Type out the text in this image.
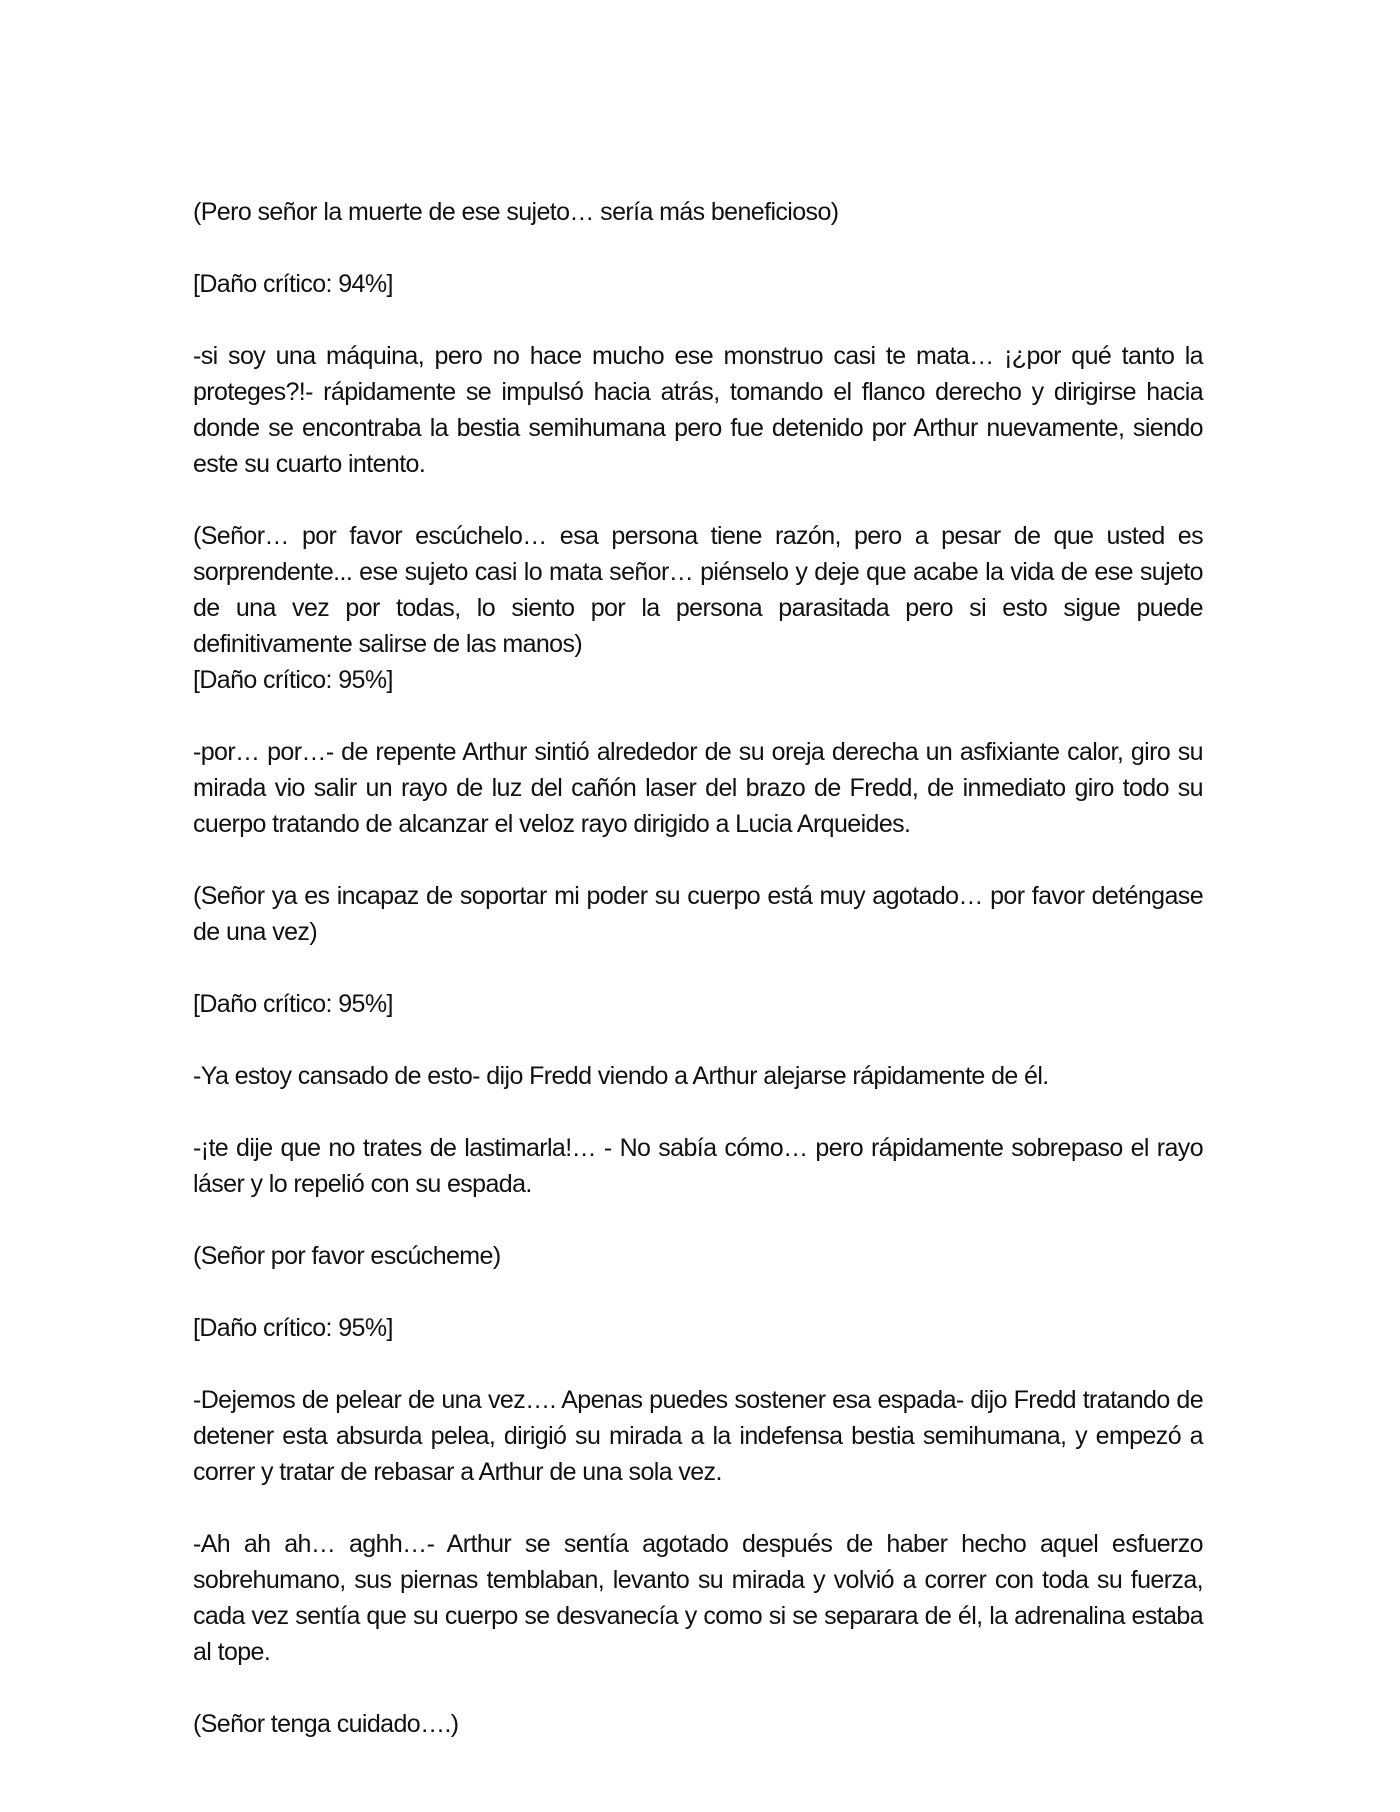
(Pero señor la muerte de ese sujeto… sería más beneficioso)

[Daño crítico: 94%]

-si soy una máquina, pero no hace mucho ese monstruo casi te mata… ¡¿por qué tanto la proteges?!- rápidamente se impulsó hacia atrás, tomando el flanco derecho y dirigirse hacia donde se encontraba la bestia semihumana pero fue detenido por Arthur nuevamente, siendo este su cuarto intento.

(Señor… por favor escúchelo… esa persona tiene razón, pero a pesar de que usted es sorprendente... ese sujeto casi lo mata señor… piénselo y deje que acabe la vida de ese sujeto de una vez por todas, lo siento por la persona parasitada pero si esto sigue puede definitivamente salirse de las manos)

[Daño crítico: 95%]

-por… por…- de repente Arthur sintió alrededor de su oreja derecha un asfixiante calor, giro su mirada vio salir un rayo de luz del cañón laser del brazo de Fredd, de inmediato giro todo su cuerpo tratando de alcanzar el veloz rayo dirigido a Lucia Arqueides.

(Señor ya es incapaz de soportar mi poder su cuerpo está muy agotado… por favor deténgase de una vez)

[Daño crítico: 95%]

-Ya estoy cansado de esto- dijo Fredd viendo a Arthur alejarse rápidamente de él.

-¡te dije que no trates de lastimarla!… - No sabía cómo… pero rápidamente sobrepaso el rayo láser y lo repelió con su espada.

(Señor por favor escúcheme)

[Daño crítico: 95%]

-Dejemos de pelear de una vez…. Apenas puedes sostener esa espada- dijo Fredd tratando de detener esta absurda pelea, dirigió su mirada a la indefensa bestia semihumana, y empezó a correr y tratar de rebasar a Arthur de una sola vez.

-Ah ah ah… aghh…- Arthur se sentía agotado después de haber hecho aquel esfuerzo sobrehumano, sus piernas temblaban, levanto su mirada y volvió a correr con toda su fuerza, cada vez sentía que su cuerpo se desvanecía y como si se separara de él, la adrenalina estaba al tope.

(Señor tenga cuidado….)
